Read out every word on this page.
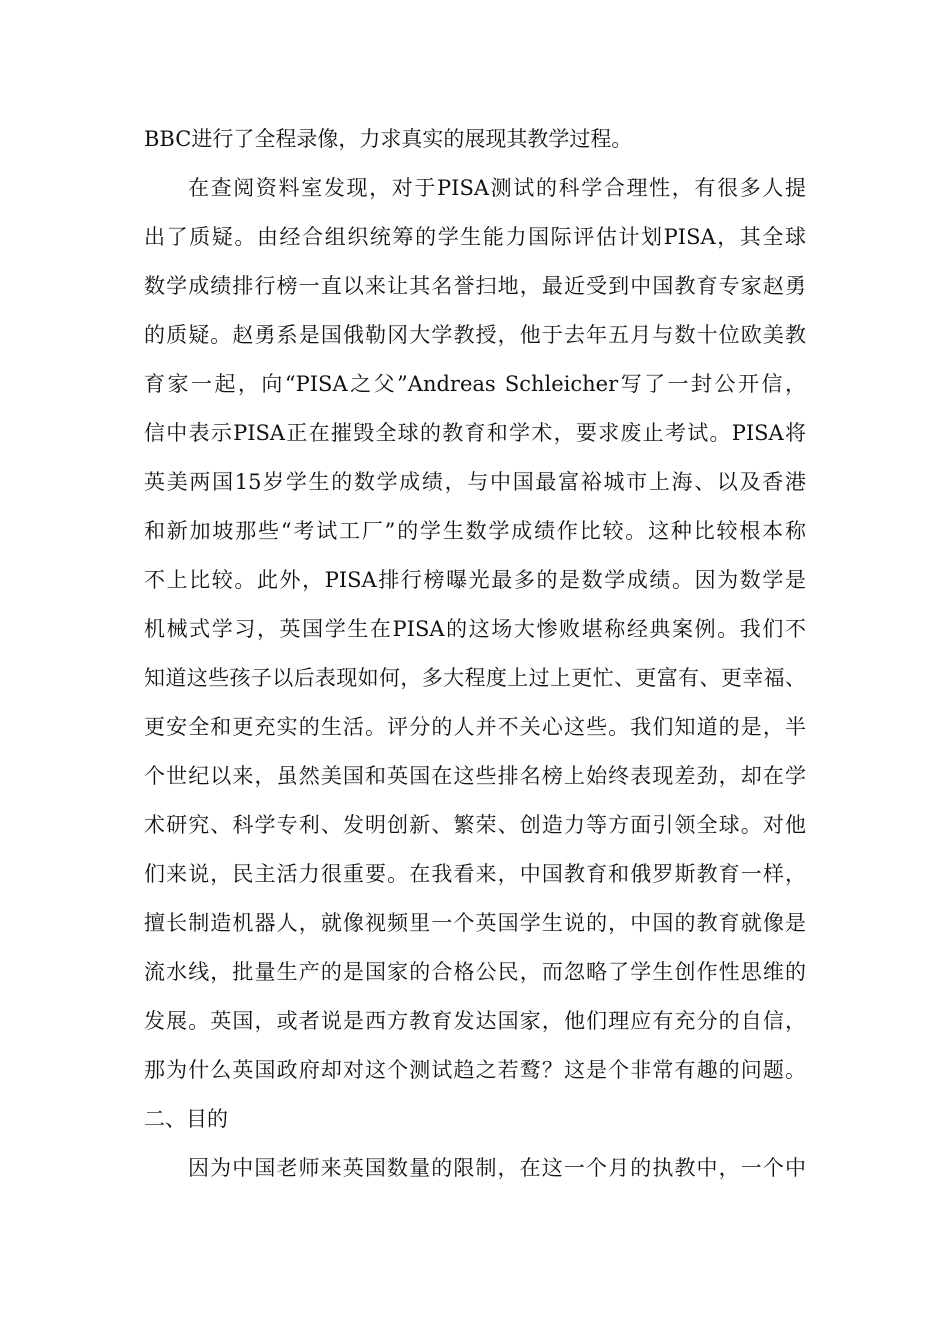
BBC进行了全程录像，力求真实的展现其教学过程。
在查阅资料室发现，对于PISA测试的科学合理性，有很多人提
出了质疑。由经合组织统筹的学生能力国际评估计划PISA，其全球
数学成绩排行榜一直以来让其名誉扫地，最近受到中国教育专家赵勇
的质疑。赵勇系是国俄勒冈大学教授，他于去年五月与数十位欧美教
育家一起，向“PISA之父”Andreas Schleicher写了一封公开信，
信中表示PISA正在摧毁全球的教育和学术，要求废止考试。PISA将
英美两国15岁学生的数学成绩，与中国最富裕城市上海、以及香港
和新加坡那些“考试工厂”的学生数学成绩作比较。这种比较根本称
不上比较。此外，PISA排行榜曝光最多的是数学成绩。因为数学是
机械式学习，英国学生在PISA的这场大惨败堪称经典案例。我们不
知道这些孩子以后表现如何，多大程度上过上更忙、更富有、更幸福、
更安全和更充实的生活。评分的人并不关心这些。我们知道的是，半
个世纪以来，虽然美国和英国在这些排名榜上始终表现差劲，却在学
术研究、科学专利、发明创新、繁荣、创造力等方面引领全球。对他
们来说，民主活力很重要。在我看来，中国教育和俄罗斯教育一样，
擅长制造机器人，就像视频里一个英国学生说的，中国的教育就像是
流水线，批量生产的是国家的合格公民，而忽略了学生创作性思维的
发展。英国，或者说是西方教育发达国家，他们理应有充分的自信，
那为什么英国政府却对这个测试趋之若鹜？这是个非常有趣的问题。
二、目的
因为中国老师来英国数量的限制，在这一个月的执教中，一个中
